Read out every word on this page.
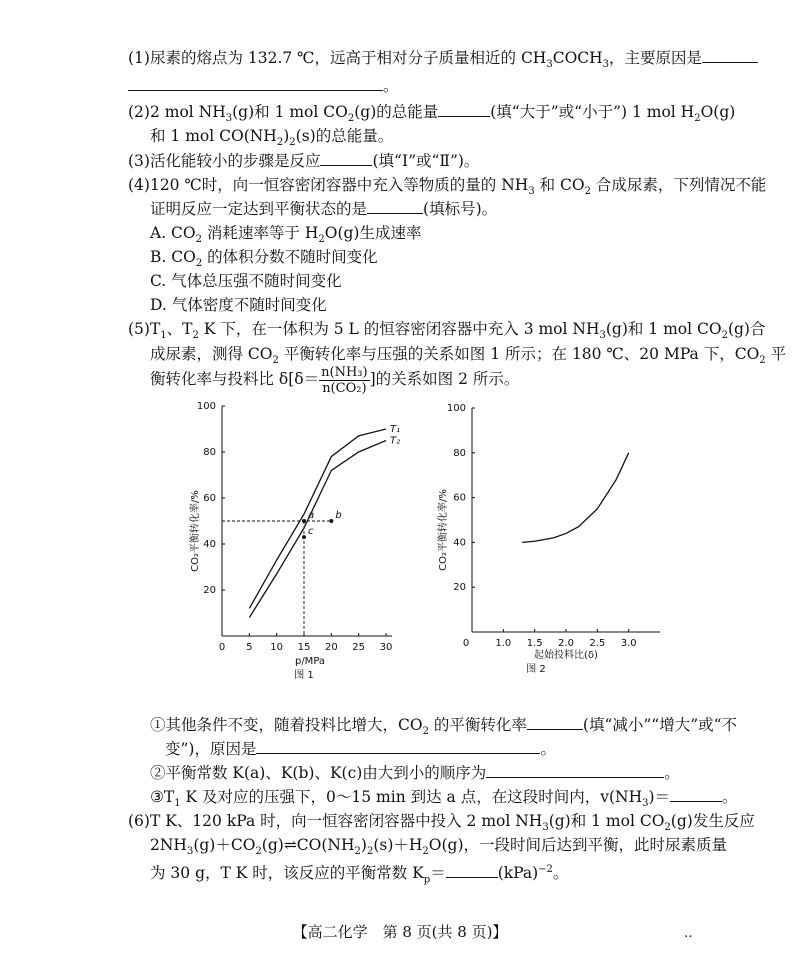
(1)尿素的熔点为 132.7 ℃，远高于相对分子质量相近的 $CH_3COCH_3$，主要原因是
。
(2)2 mol $NH_3(g)$和 1 mol $CO_2(g)$的总能量	(填“大于”或“小于”) 1 mol $H_2O(g)$
和 1 mol $CO(NH_2)_2(s)$的总能量。
(3)活化能较小的步骤是反应	(填“Ⅰ”或“Ⅱ”)。
(4)120 ℃时，向一恒容密闭容器中充入等物质的量的 $NH_3$ 和 $CO_2$ 合成尿素，下列情况不能
证明反应一定达到平衡状态的是	(填标号)。
A. $CO_2$ 消耗速率等于 $H_2O(g)$生成速率
B. $CO_2$ 的体积分数不随时间变化
C. 气体总压强不随时间变化
D. 气体密度不随时间变化
$(5)T_1$、$T_2$ K 下，在一体积为 5 L 的恒容密闭容器中充入 3 mol $NH_3(g)$和 1 mol $CO_2(g)$合
成尿素，测得 $CO_2$ 平衡转化率与压强的关系如图 1 所示；在 180 ℃、20 MPa 下，$CO_2$ 平
衡转化率与投料比 $\delta[\delta= \frac{\text{n(NH₃)}}{\text{n(CO₂)}}$ ]的关系如图 2 所示。
0 5 10 15 20 25 30
20
40
60
80
100
p/MPa
图 1
CO₂平衡转化率/%
T₁
T₂
a b
c
0	1.0 1.5 2.0 2.5 3.0
20
40
60
80
100
起始投料比(δ)
图 2
CO₂平衡转化率/%
①其他条件不变，随着投料比增大，$CO_2$ 的平衡转化率	(填“减小”“增大”或“不
变”)，原因是	。
②平衡常数 K(a)、K(b)、K(c)由大到小的顺序为	。
$③T_1$ K 及对应的压强下，0～15 min 到达 a 点，在这段时间内，$v(NH_3)=$	。
(6)T K、120 kPa 时，向一恒容密闭容器中投入 2 mol $NH_3(g)$和 1 mol $CO_2(g)$发生反应
$2NH_3(g)+CO_2(g)\rightleftharpoons CO(NH_2)_2(s)+H_2O(g)$，一段时间后达到平衡，此时尿素质量
为 30 g，T K 时，该反应的平衡常数 $K_p=$	(kPa)$^{-2}$。
【高二化学　第 8 页(共 8 页)】	‥
